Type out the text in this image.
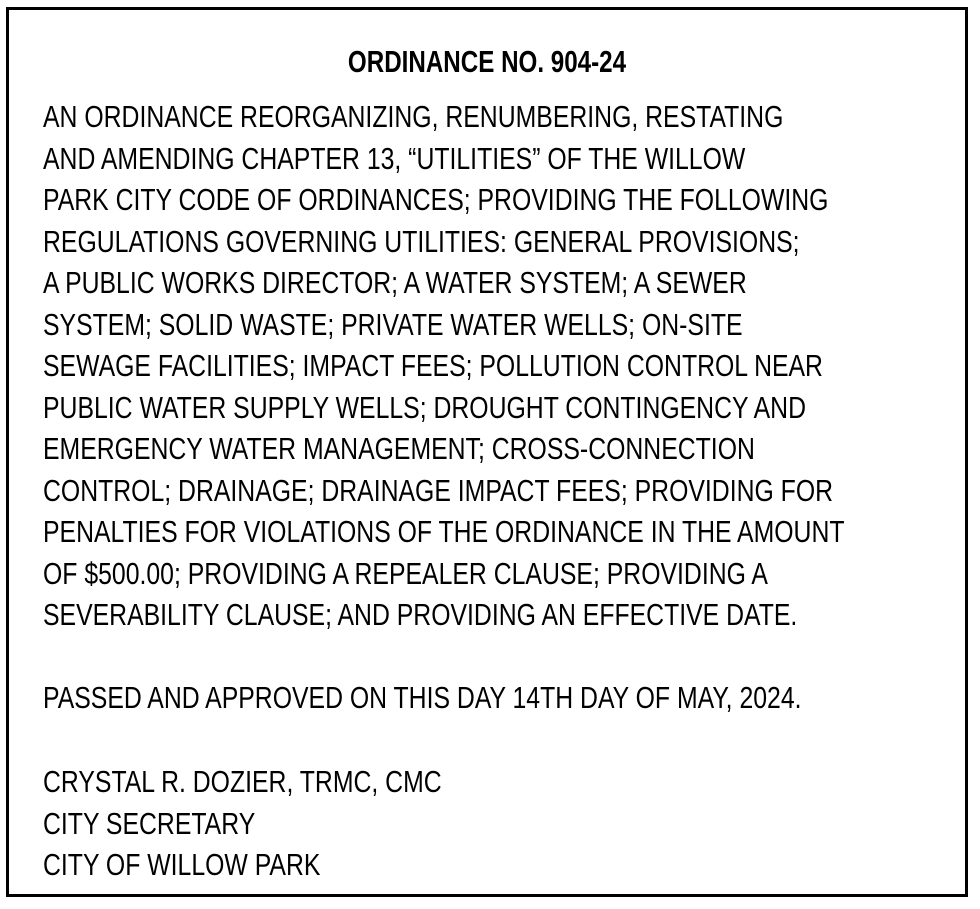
ORDINANCE NO. 904-24
AN ORDINANCE REORGANIZING, RENUMBERING, RESTATING
AND AMENDING CHAPTER 13, “UTILITIES” OF THE WILLOW
PARK CITY CODE OF ORDINANCES; PROVIDING THE FOLLOWING
REGULATIONS GOVERNING UTILITIES: GENERAL PROVISIONS;
A PUBLIC WORKS DIRECTOR; A WATER SYSTEM; A SEWER
SYSTEM; SOLID WASTE; PRIVATE WATER WELLS; ON-SITE
SEWAGE FACILITIES; IMPACT FEES; POLLUTION CONTROL NEAR
PUBLIC WATER SUPPLY WELLS; DROUGHT CONTINGENCY AND
EMERGENCY WATER MANAGEMENT; CROSS-CONNECTION
CONTROL; DRAINAGE; DRAINAGE IMPACT FEES; PROVIDING FOR
PENALTIES FOR VIOLATIONS OF THE ORDINANCE IN THE AMOUNT
OF $500.00; PROVIDING A REPEALER CLAUSE; PROVIDING A
SEVERABILITY CLAUSE; AND PROVIDING AN EFFECTIVE DATE.
PASSED AND APPROVED ON THIS DAY 14TH DAY OF MAY, 2024.
CRYSTAL R. DOZIER, TRMC, CMC
CITY SECRETARY
CITY OF WILLOW PARK
